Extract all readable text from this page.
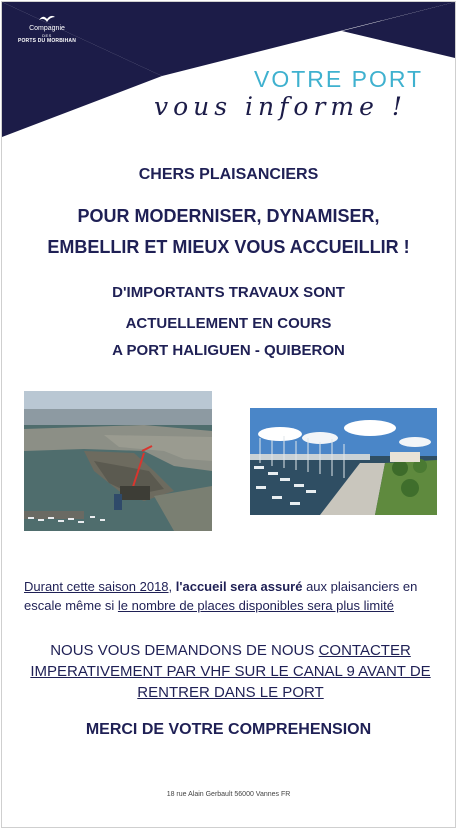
Compagnie
DES
PORTS DU MORBIHAN
VOTRE PORT
vous informe !
CHERS PLAISANCIERS
POUR MODERNISER, DYNAMISER,
EMBELLIR ET MIEUX VOUS ACCUEILLIR !
D'IMPORTANTS TRAVAUX SONT
ACTUELLEMENT EN COURS
A PORT HALIGUEN - QUIBERON
Durant cette saison 2018, l'accueil sera assuré aux plaisanciers en escale même si le nombre de places disponibles sera plus limité
NOUS VOUS DEMANDONS DE NOUS CONTACTER IMPERATIVEMENT PAR VHF SUR LE CANAL 9 AVANT DE RENTRER DANS LE PORT
MERCI DE VOTRE COMPREHENSION
18 rue Alain Gerbault 56000 Vannes FR
